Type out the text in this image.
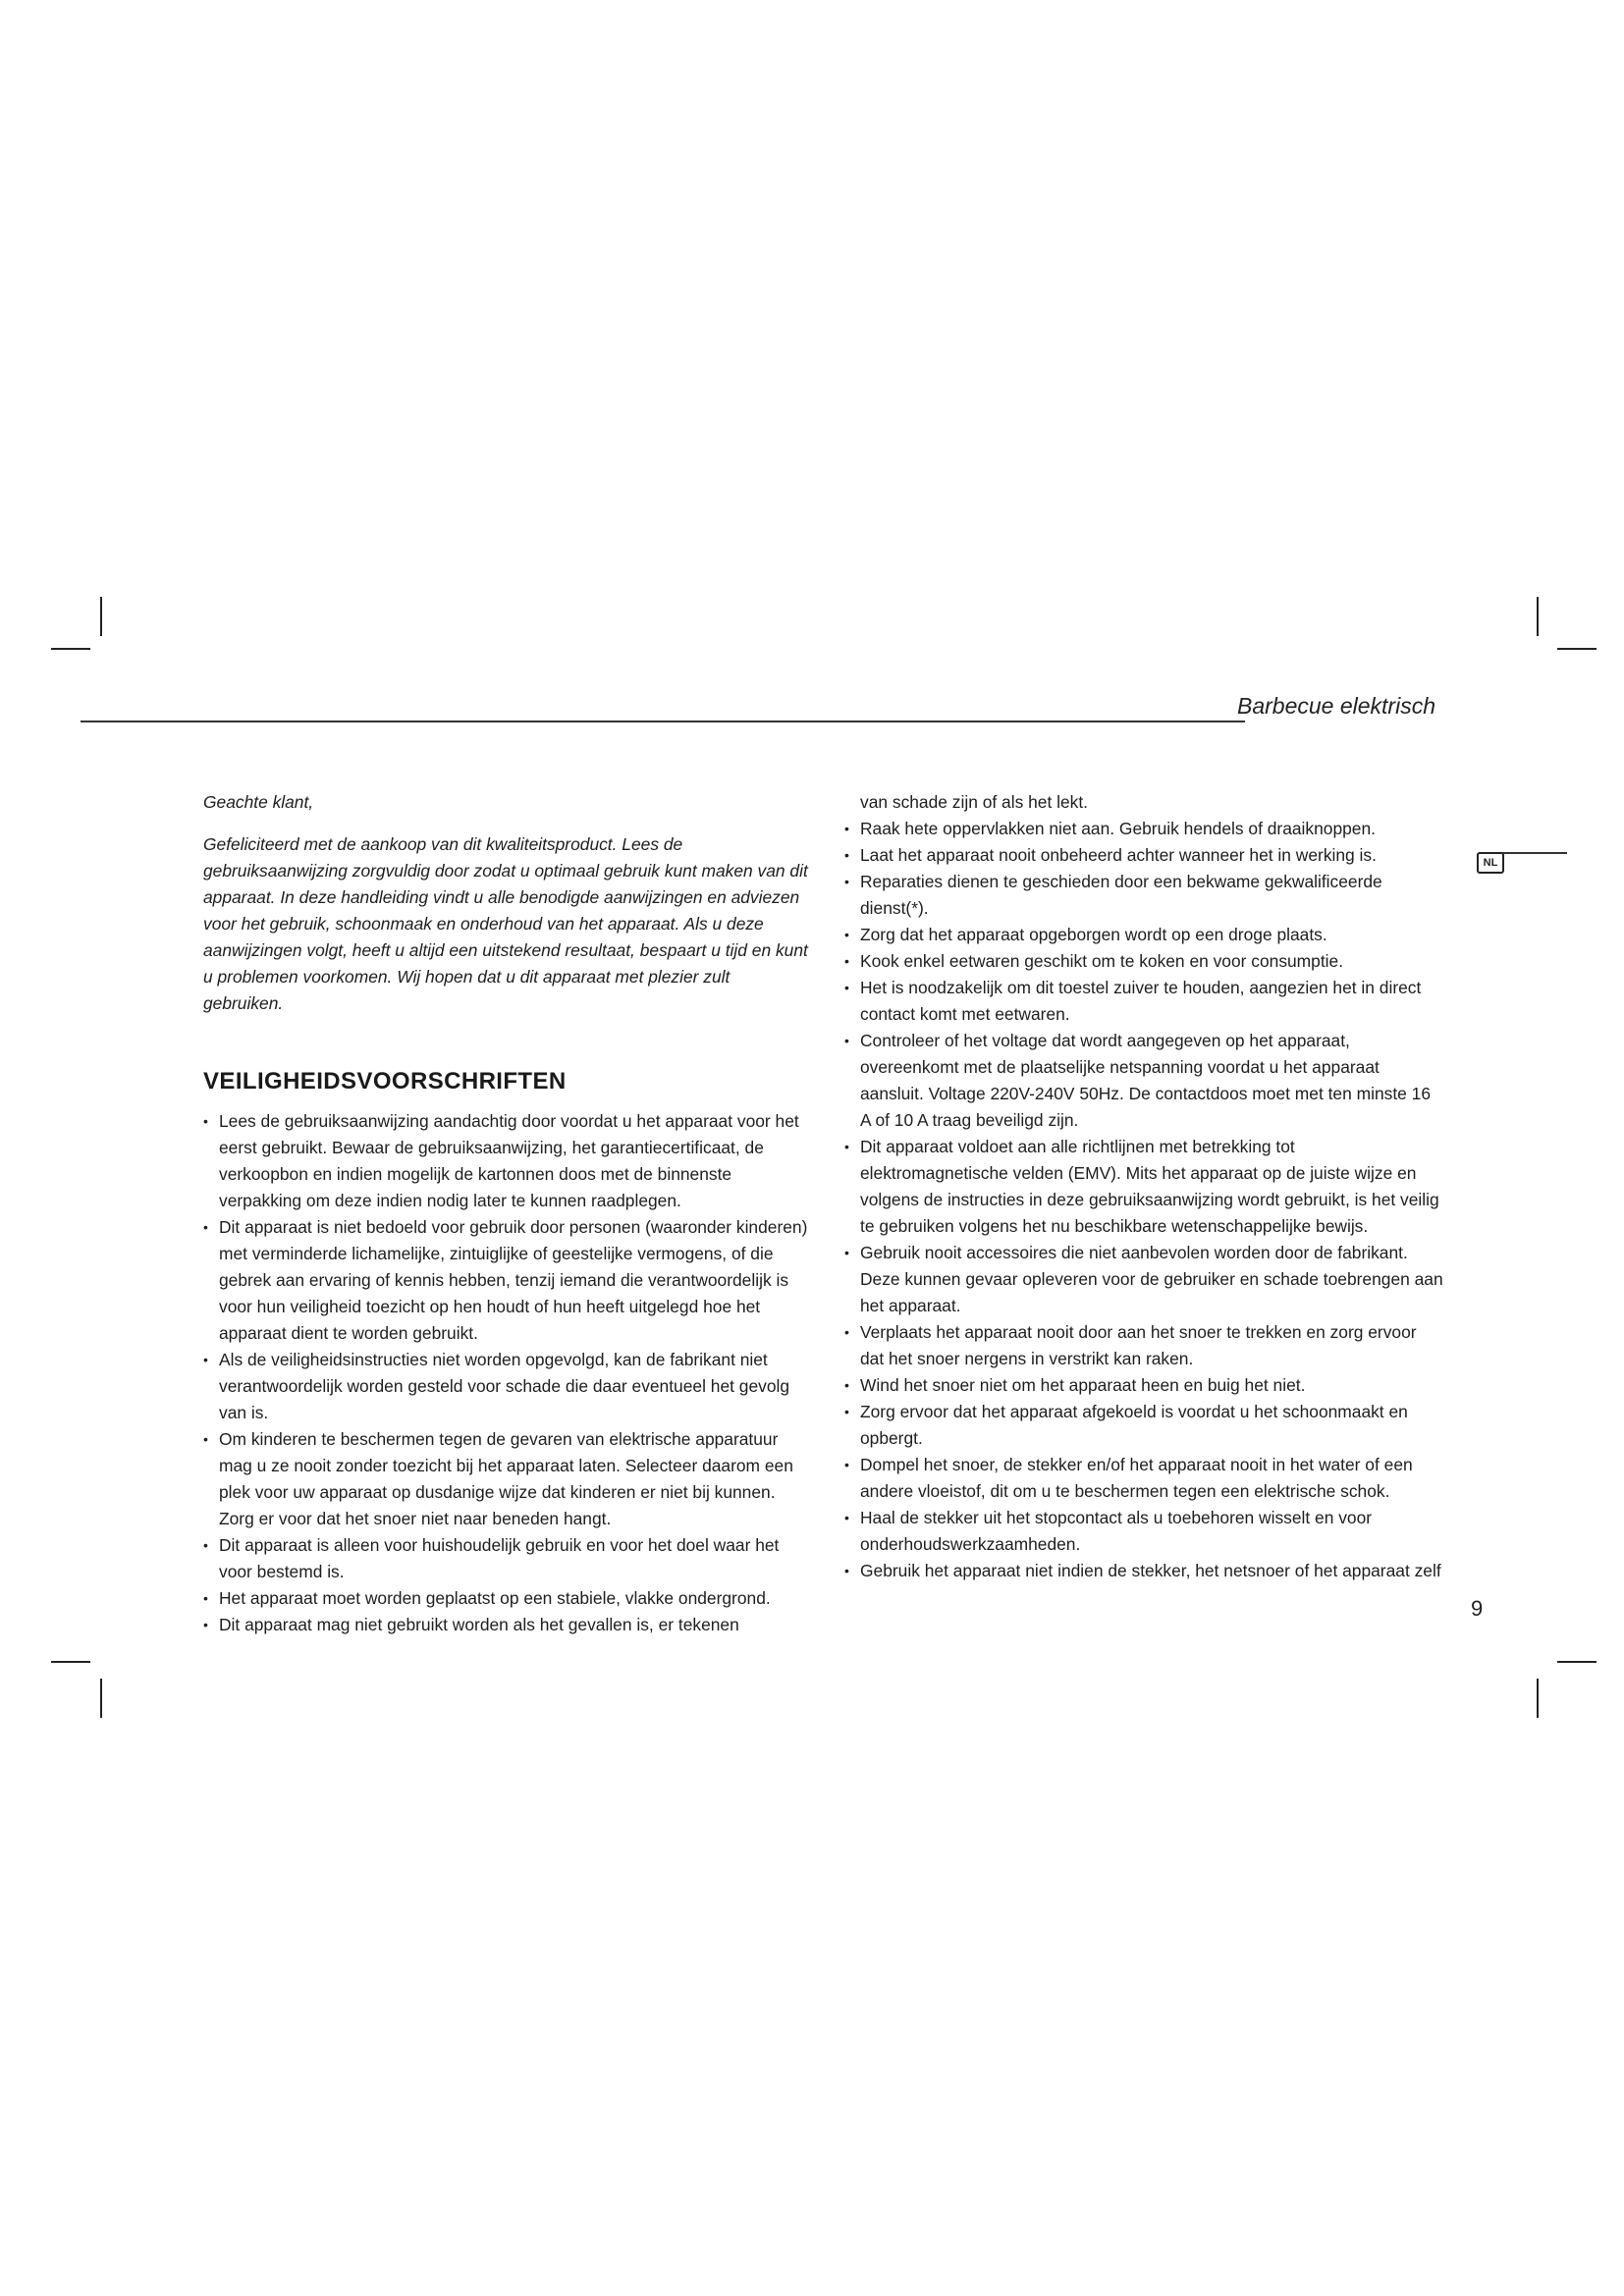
Barbecue elektrisch
NL

Geachte klant,

Gefeliciteerd met de aankoop van dit kwaliteitsproduct. Lees de gebruiksaanwijzing zorgvuldig door zodat u optimaal gebruik kunt maken van dit apparaat. In deze handleiding vindt u alle benodigde aanwijzingen en adviezen voor het gebruik, schoonmaak en onderhoud van het apparaat. Als u deze aanwijzingen volgt, heeft u altijd een uitstekend resultaat, bespaart u tijd en kunt u problemen voorkomen. Wij hopen dat u dit apparaat met plezier zult gebruiken.

VEILIGHEIDSVOORSCHRIFTEN
• Lees de gebruiksaanwijzing aandachtig door voordat u het apparaat voor het eerst gebruikt. Bewaar de gebruiksaanwijzing, het garantiecertificaat, de verkoopbon en indien mogelijk de kartonnen doos met de binnenste verpakking om deze indien nodig later te kunnen raadplegen.
• Dit apparaat is niet bedoeld voor gebruik door personen (waaronder kinderen) met verminderde lichamelijke, zintuiglijke of geestelijke vermogens, of die gebrek aan ervaring of kennis hebben, tenzij iemand die verantwoordelijk is voor hun veiligheid toezicht op hen houdt of hun heeft uitgelegd hoe het apparaat dient te worden gebruikt.
• Als de veiligheidsinstructies niet worden opgevolgd, kan de fabrikant niet verantwoordelijk worden gesteld voor schade die daar eventueel het gevolg van is.
• Om kinderen te beschermen tegen de gevaren van elektrische apparatuur mag u ze nooit zonder toezicht bij het apparaat laten. Selecteer daarom een plek voor uw apparaat op dusdanige wijze dat kinderen er niet bij kunnen. Zorg er voor dat het snoer niet naar beneden hangt.
• Dit apparaat is alleen voor huishoudelijk gebruik en voor het doel waar het voor bestemd is.
• Het apparaat moet worden geplaatst op een stabiele, vlakke ondergrond.
• Dit apparaat mag niet gebruikt worden als het gevallen is, er tekenen
van schade zijn of als het lekt.
• Raak hete oppervlakken niet aan. Gebruik hendels of draaiknoppen.
• Laat het apparaat nooit onbeheerd achter wanneer het in werking is.
• Reparaties dienen te geschieden door een bekwame gekwalificeerde dienst(*).
• Zorg dat het apparaat opgeborgen wordt op een droge plaats.
• Kook enkel eetwaren geschikt om te koken en voor consumptie.
• Het is noodzakelijk om dit toestel zuiver te houden, aangezien het in direct contact komt met eetwaren.
• Controleer of het voltage dat wordt aangegeven op het apparaat, overeenkomt met de plaatselijke netspanning voordat u het apparaat aansluit. Voltage 220V-240V 50Hz. De contactdoos moet met ten minste 16 A of 10 A traag beveiligd zijn.
• Dit apparaat voldoet aan alle richtlijnen met betrekking tot elektromagnetische velden (EMV). Mits het apparaat op de juiste wijze en volgens de instructies in deze gebruiksaanwijzing wordt gebruikt, is het veilig te gebruiken volgens het nu beschikbare wetenschappelijke bewijs.
• Gebruik nooit accessoires die niet aanbevolen worden door de fabrikant. Deze kunnen gevaar opleveren voor de gebruiker en schade toebrengen aan het apparaat.
• Verplaats het apparaat nooit door aan het snoer te trekken en zorg ervoor dat het snoer nergens in verstrikt kan raken.
• Wind het snoer niet om het apparaat heen en buig het niet.
• Zorg ervoor dat het apparaat afgekoeld is voordat u het schoonmaakt en opbergt.
• Dompel het snoer, de stekker en/of het apparaat nooit in het water of een andere vloeistof, dit om u te beschermen tegen een elektrische schok.
• Haal de stekker uit het stopcontact als u toebehoren wisselt en voor onderhoudswerkzaamheden.
• Gebruik het apparaat niet indien de stekker, het netsnoer of het apparaat zelf
9
